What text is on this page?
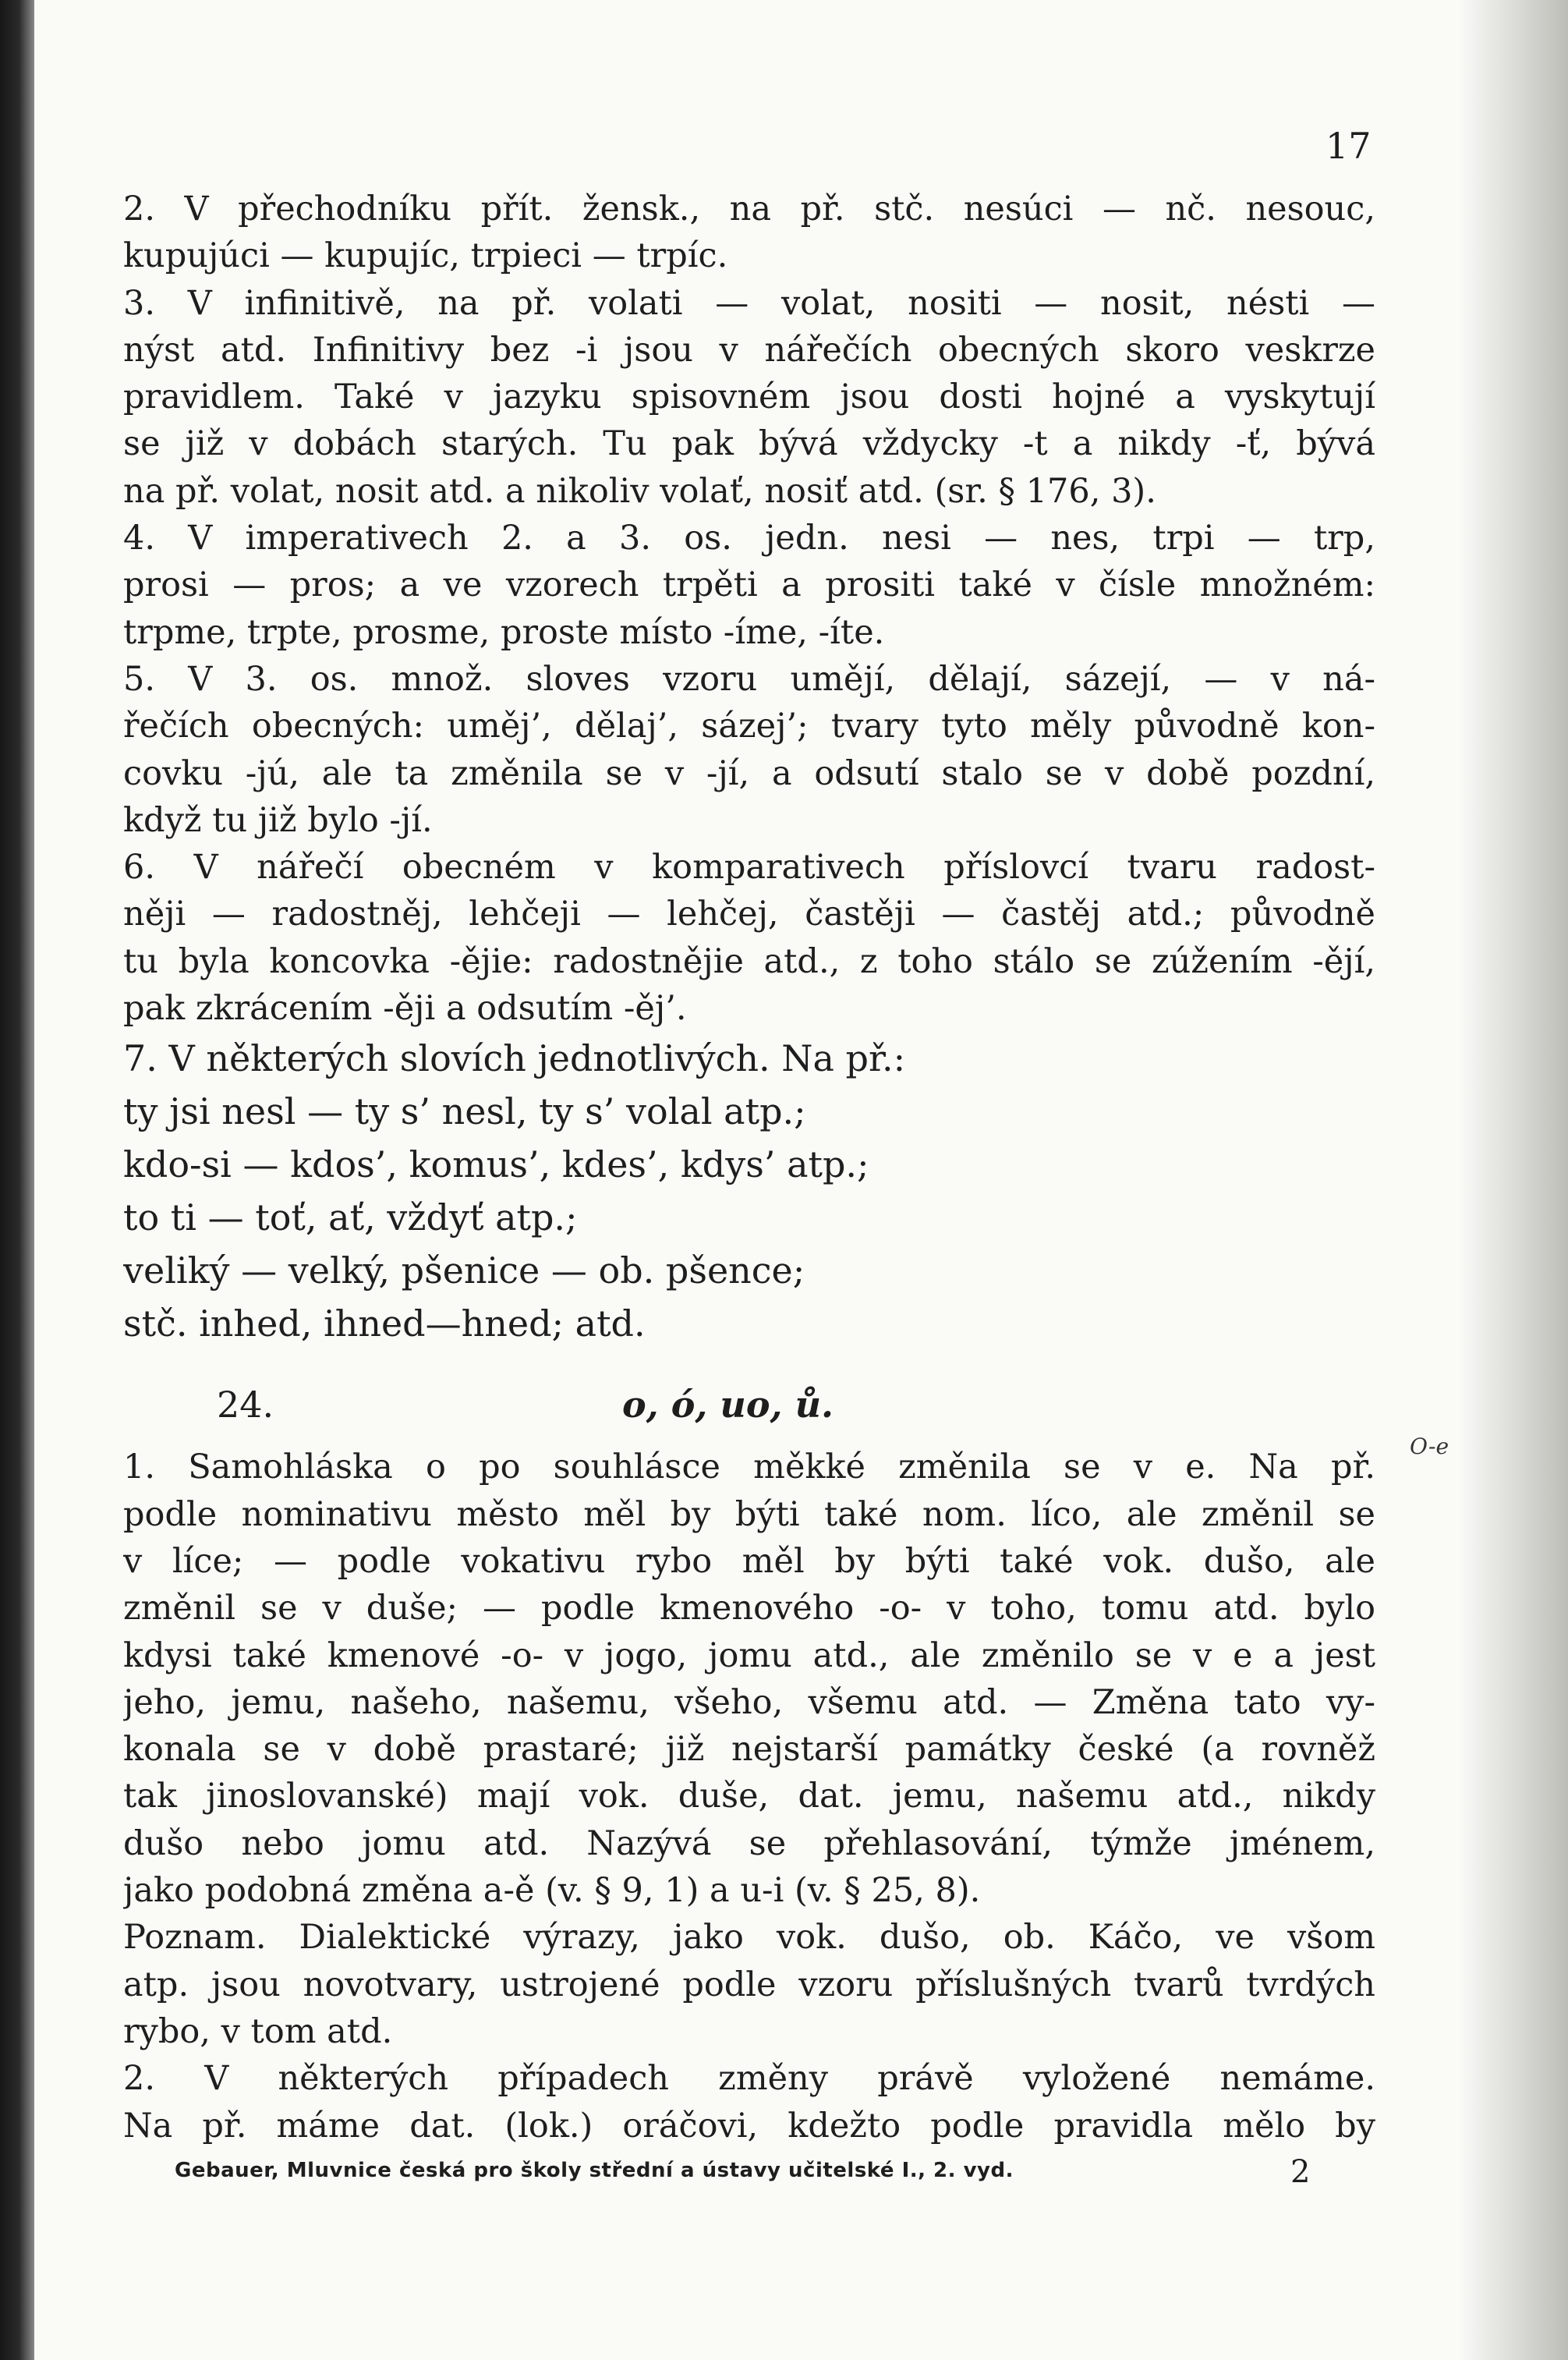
17
2. V přechodníku přít. žensk., na př. stč. nesúci — nč. nesouc,
kupujúci — kupujíc, trpieci — trpíc.
3. V infinitivě, na př. volati — volat, nositi — nosit, nésti —
nýst atd. Infinitivy bez -i jsou v nářečích obecných skoro veskrze
pravidlem. Také v jazyku spisovném jsou dosti hojné a vyskytují
se již v dobách starých. Tu pak bývá vždycky -t a nikdy -ť, bývá
na př. volat, nosit atd. a nikoliv volať, nosiť atd. (sr. § 176, 3).
4. V imperativech 2. a 3. os. jedn. nesi — nes, trpi — trp,
prosi — pros; a ve vzorech trpěti a prositi také v čísle množném:
trpme, trpte, prosme, proste místo -íme, -íte.
5. V 3. os. množ. sloves vzoru umějí, dělají, sázejí, — v ná-
řečích obecných: uměj’, dělaj’, sázej’; tvary tyto měly původně kon-
covku -jú, ale ta změnila se v -jí, a odsutí stalo se v době pozdní,
když tu již bylo -jí.
6. V nářečí obecném v komparativech příslovcí tvaru radost-
něji — radostněj, lehčeji — lehčej, častěji — častěj atd.; původně
tu byla koncovka -ějie: radostnějie atd., z toho stálo se zúžením -ějí,
pak zkrácením -ěji a odsutím -ěj’.
7. V některých slovích jednotlivých. Na př.:
ty jsi nesl — ty s’ nesl, ty s’ volal atp.;
kdo-si — kdos’, komus’, kdes’, kdys’ atp.;
to ti — toť, ať, vždyť atp.;
veliký — velký, pšenice — ob. pšence;
stč. inhed, ihned—hned; atd.
24.	o, ó, uo, ů.
1. Samohláska o po souhlásce měkké změnila se v e. Na př.
podle nominativu město měl by býti také nom. líco, ale změnil se
v líce; — podle vokativu rybo měl by býti také vok. dušo, ale
změnil se v duše; — podle kmenového -o- v toho, tomu atd. bylo
kdysi také kmenové -o- v jogo, jomu atd., ale změnilo se v e a jest
jeho, jemu, našeho, našemu, všeho, všemu atd. — Změna tato vy-
konala se v době prastaré; již nejstarší památky české (a rovněž
tak jinoslovanské) mají vok. duše, dat. jemu, našemu atd., nikdy
dušo nebo jomu atd. Nazývá se přehlasování, týmže jménem,
jako podobná změna a-ě (v. § 9, 1) a u-i (v. § 25, 8).
Poznam. Dialektické výrazy, jako vok. dušo, ob. Káčo, ve všom
atp. jsou novotvary, ustrojené podle vzoru příslušných tvarů tvrdých
rybo, v tom atd.
2. V některých případech změny právě vyložené nemáme.
Na př. máme dat. (lok.) oráčovi, kdežto podle pravidla mělo by
O-e
Gebauer, Mluvnice česká pro školy střední a ústavy učitelské I., 2. vyd.	2
